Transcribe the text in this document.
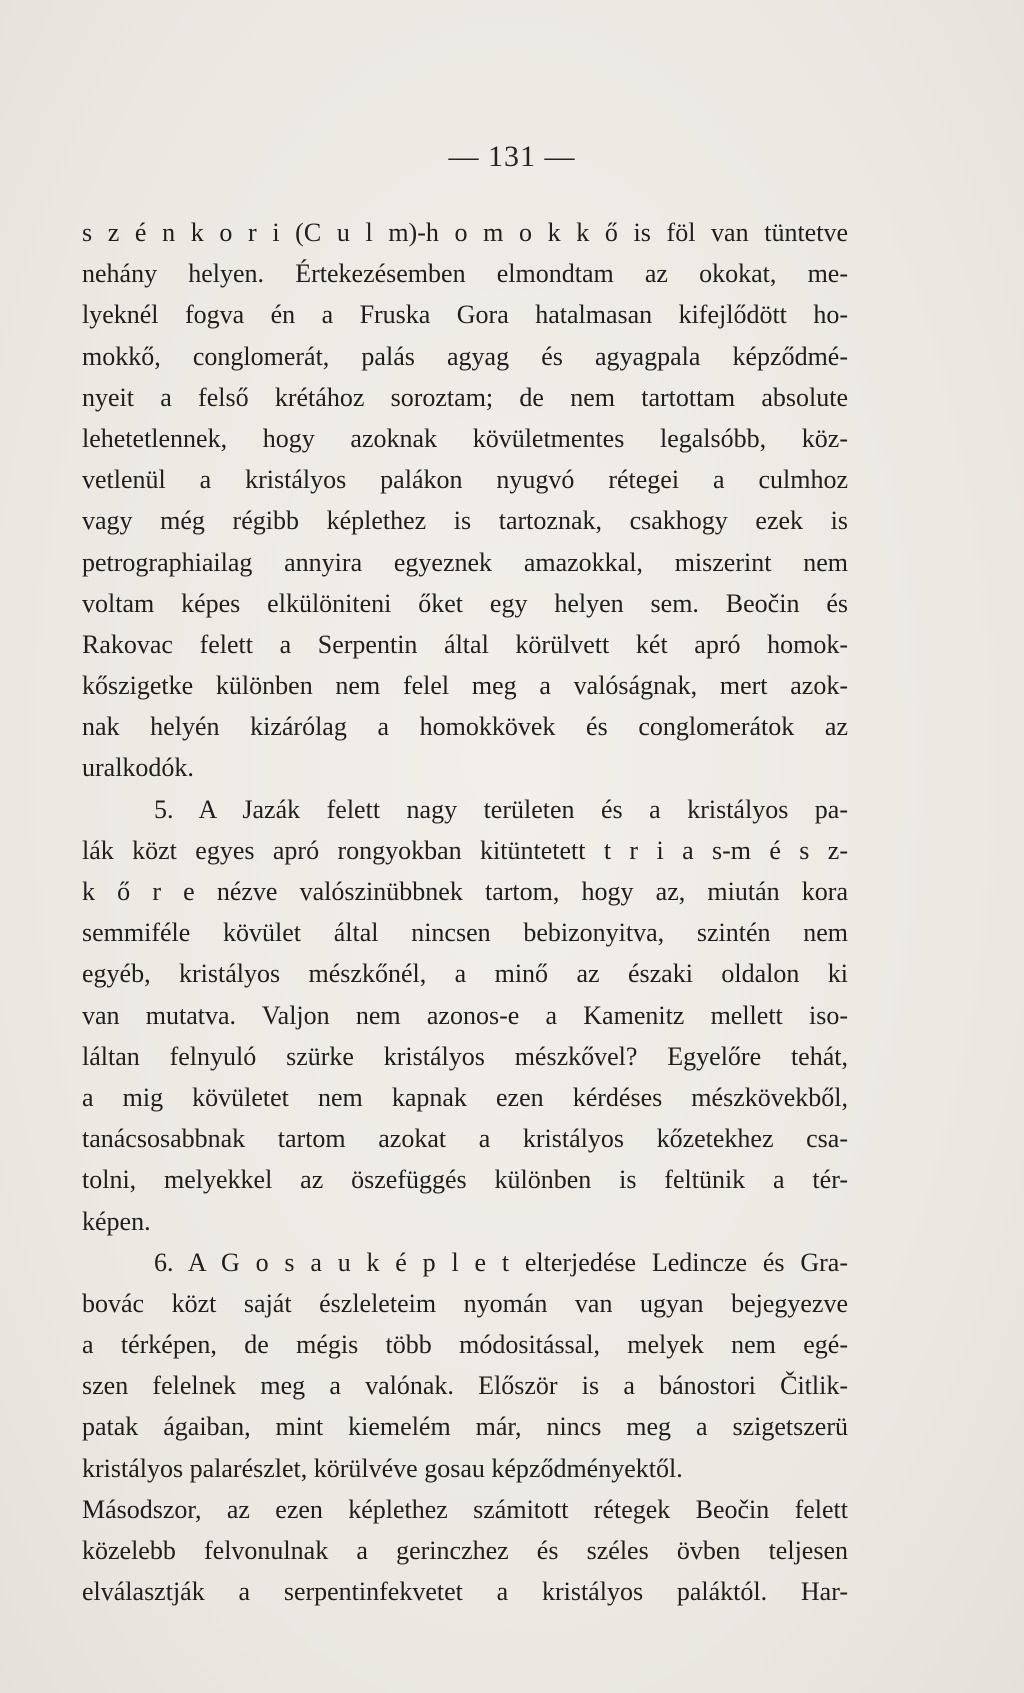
— 131 —
s z é n k o r i (C u l m)-h o m o k k ő is föl van tüntetve
nehány helyen. Értekezésemben elmondtam az okokat, me-
lyeknél fogva én a Fruska Gora hatalmasan kifejlődött ho-
mokkő, conglomerát, palás agyag és agyagpala képződmé-
nyeit a felső krétához soroztam; de nem tartottam absolute
lehetetlennek, hogy azoknak kövületmentes legalsóbb, köz-
vetlenül a kristályos palákon nyugvó rétegei a culmhoz
vagy még régibb képlethez is tartoznak, csakhogy ezek is
petrographiailag annyira egyeznek amazokkal, miszerint nem
voltam képes elkülöniteni őket egy helyen sem. Beočin és
Rakovac felett a Serpentin által körülvett két apró homok-
kőszigetke különben nem felel meg a valóságnak, mert azok-
nak helyén kizárólag a homokkövek és conglomerátok az
uralkodók.
5. A Jazák felett nagy területen és a kristályos pa-
lák közt egyes apró rongyokban kitüntetett t r i a s-m é s z-
k ő r e nézve valószinübbnek tartom, hogy az, miután kora
semmiféle kövület által nincsen bebizonyitva, szintén nem
egyéb, kristályos mészkőnél, a minő az északi oldalon ki
van mutatva. Valjon nem azonos-e a Kamenitz mellett iso-
láltan felnyuló szürke kristályos mészkővel? Egyelőre tehát,
a mig kövületet nem kapnak ezen kérdéses mészkövekből,
tanácsosabbnak tartom azokat a kristályos kőzetekhez csa-
tolni, melyekkel az öszefüggés különben is feltünik a tér-
képen.
6. A G o s a u k é p l e t elterjedése Ledincze és Gra-
bovác közt saját észleleteim nyomán van ugyan bejegyezve
a térképen, de mégis több módositással, melyek nem egé-
szen felelnek meg a valónak. Először is a bánostori Čitlik-
patak ágaiban, mint kiemelém már, nincs meg a szigetszerü
kristályos palarészlet, körülvéve gosau képződményektől.
Másodszor, az ezen képlethez számitott rétegek Beočin felett
közelebb felvonulnak a gerinczhez és széles övben teljesen
elválasztják a serpentinfekvetet a kristályos paláktól. Har-
